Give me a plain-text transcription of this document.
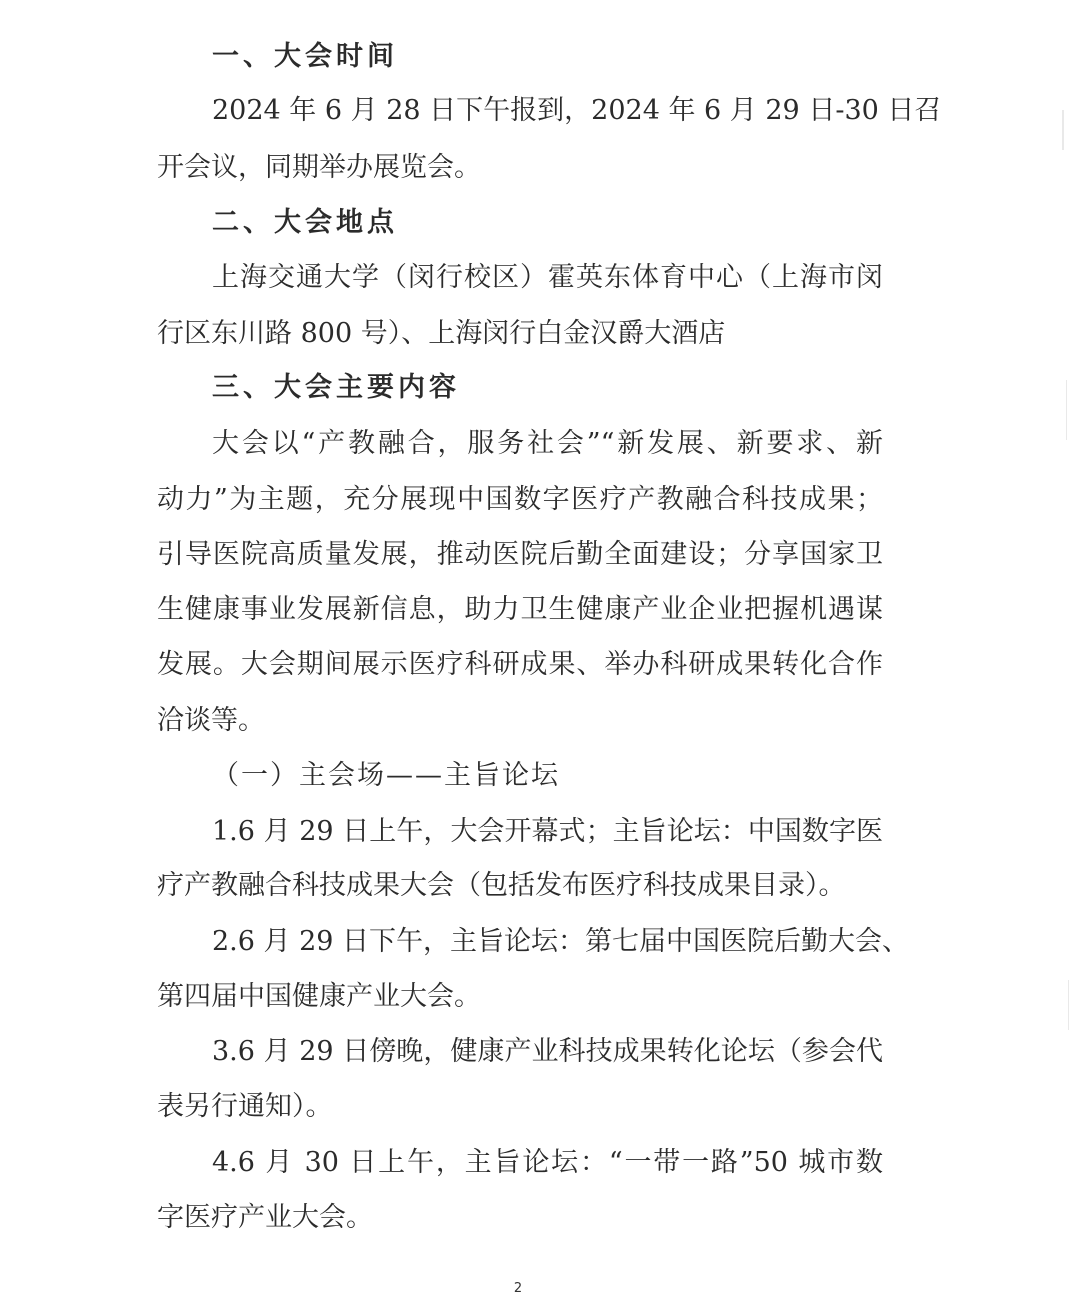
一、大会时间
2024 年 6 月 28 日下午报到，2024 年 6 月 29 日-30 日召
开会议，同期举办展览会。
二、大会地点
上海交通大学（闵行校区）霍英东体育中心（上海市闵
行区东川路 800 号）、上海闵行白金汉爵大酒店
三、大会主要内容
大会以“产教融合，服务社会”“新发展、新要求、新
动力”为主题，充分展现中国数字医疗产教融合科技成果；
引导医院高质量发展，推动医院后勤全面建设；分享国家卫
生健康事业发展新信息，助力卫生健康产业企业把握机遇谋
发展。大会期间展示医疗科研成果、举办科研成果转化合作
洽谈等。
（一）主会场——主旨论坛
1.6 月 29 日上午，大会开幕式；主旨论坛：中国数字医
疗产教融合科技成果大会（包括发布医疗科技成果目录）。
2.6 月 29 日下午，主旨论坛：第七届中国医院后勤大会、
第四届中国健康产业大会。
3.6 月 29 日傍晚，健康产业科技成果转化论坛（参会代
表另行通知）。
4.6 月 30 日上午，主旨论坛：“一带一路”50 城市数
字医疗产业大会。
2
